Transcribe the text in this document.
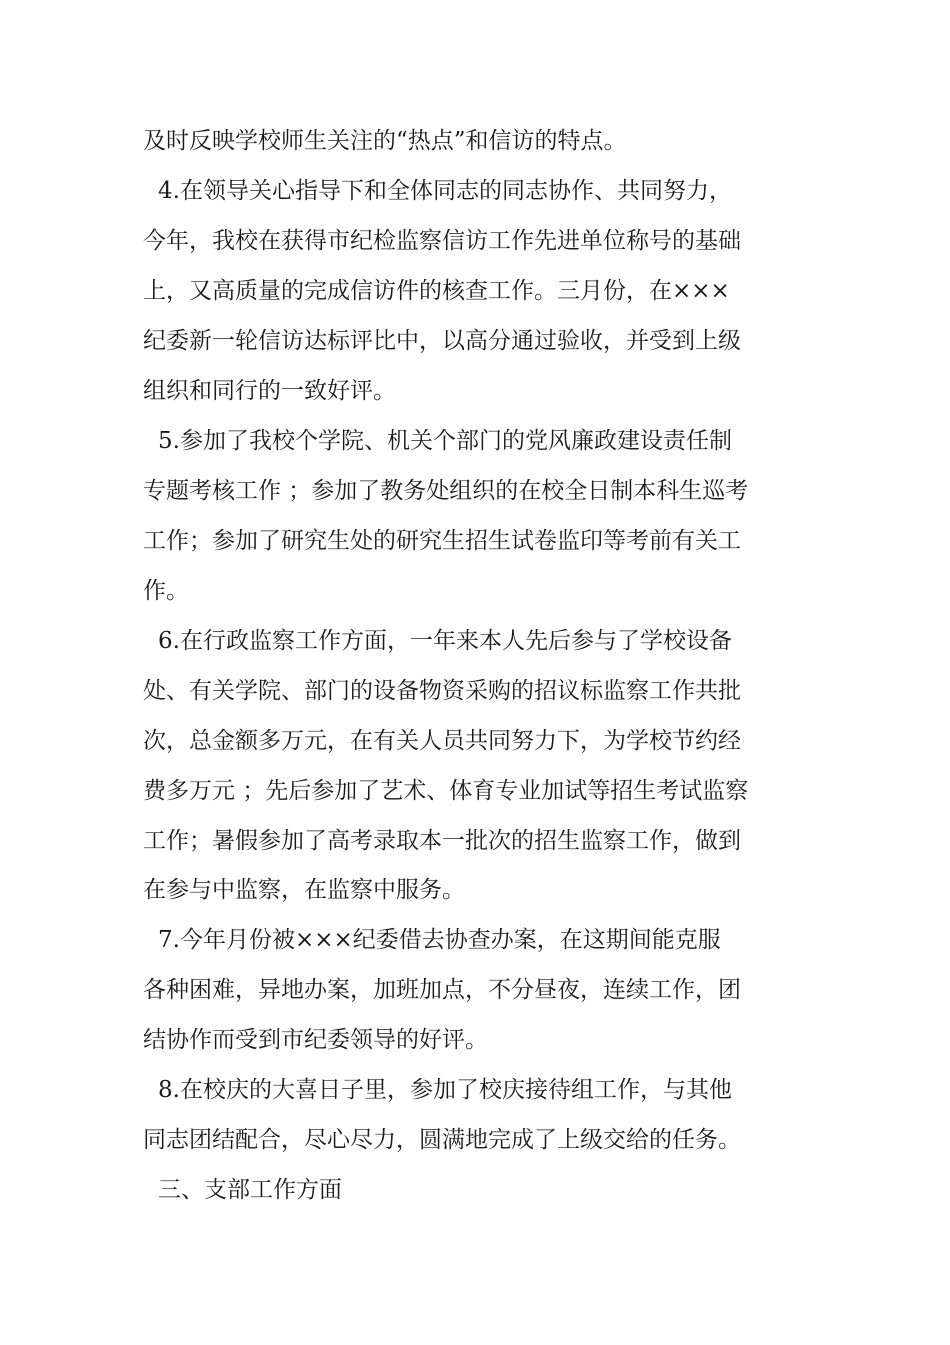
及时反映学校师生关注的“热点”和信访的特点。
4.在领导关心指导下和全体同志的同志协作、共同努力，
今年，我校在获得市纪检监察信访工作先进单位称号的基础
上，又高质量的完成信访件的核查工作。三月份，在×××
纪委新一轮信访达标评比中，以高分通过验收，并受到上级
组织和同行的一致好评。
5.参加了我校个学院、机关个部门的党风廉政建设责任制
专题考核工作 ；参加了教务处组织的在校全日制本科生巡考
工作；参加了研究生处的研究生招生试卷监印等考前有关工
作。
6.在行政监察工作方面，一年来本人先后参与了学校设备
处、有关学院、部门的设备物资采购的招议标监察工作共批
次，总金额多万元，在有关人员共同努力下，为学校节约经
费多万元 ；先后参加了艺术、体育专业加试等招生考试监察
工作；暑假参加了高考录取本一批次的招生监察工作，做到
在参与中监察，在监察中服务。
7.今年月份被×××纪委借去协查办案，在这期间能克服
各种困难，异地办案，加班加点，不分昼夜，连续工作，团
结协作而受到市纪委领导的好评。
8.在校庆的大喜日子里，参加了校庆接待组工作，与其他
同志团结配合，尽心尽力，圆满地完成了上级交给的任务。
三、支部工作方面
